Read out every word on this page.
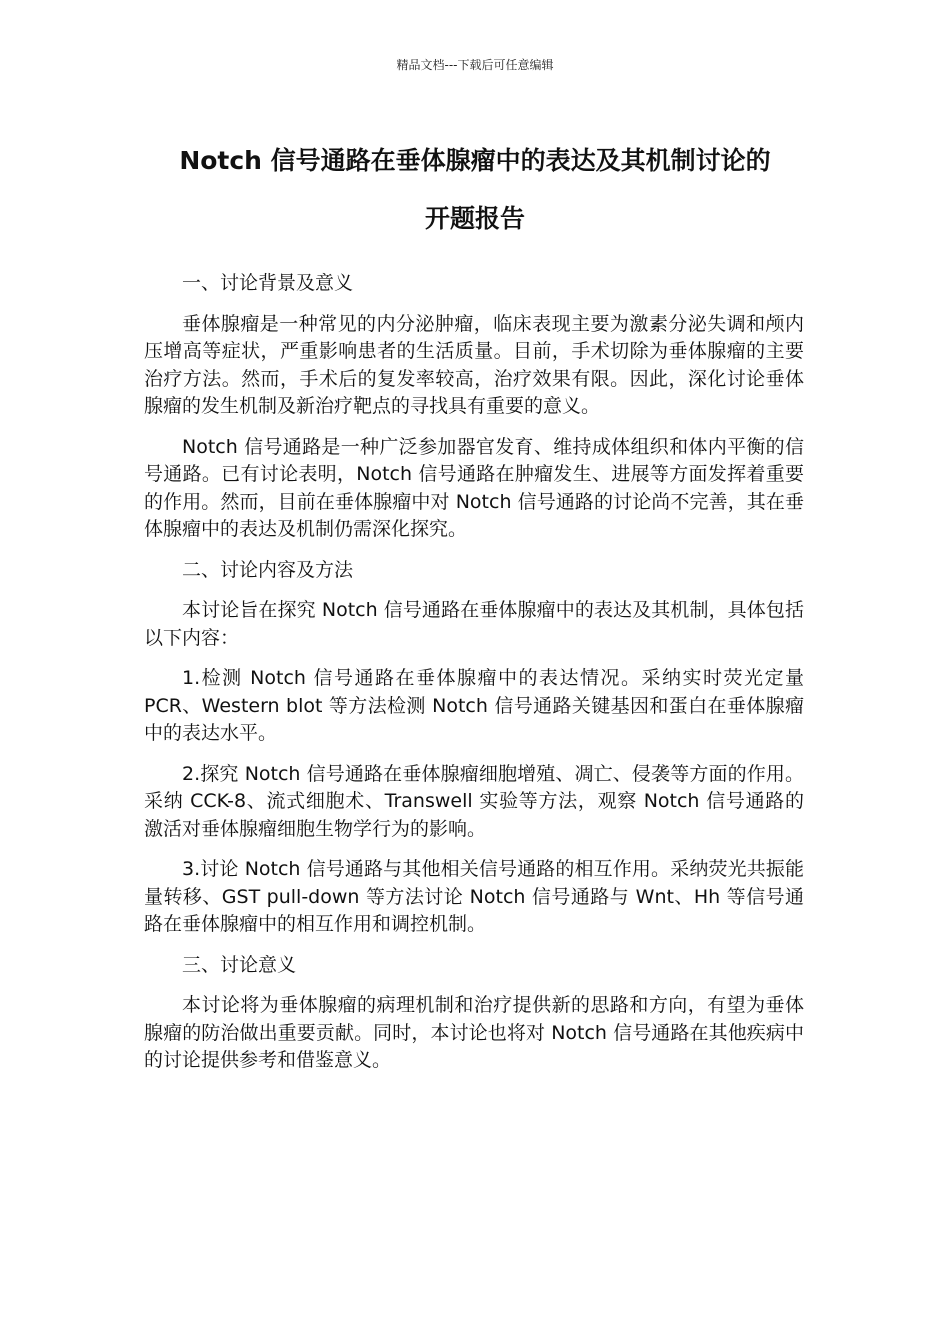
精品文档---下载后可任意编辑
Notch 信号通路在垂体腺瘤中的表达及其机制讨论的
开题报告

一、讨论背景及意义

垂体腺瘤是一种常见的内分泌肿瘤，临床表现主要为激素分泌失调和颅内压增高等症状，严重影响患者的生活质量。目前，手术切除为垂体腺瘤的主要治疗方法。然而，手术后的复发率较高，治疗效果有限。因此，深化讨论垂体腺瘤的发生机制及新治疗靶点的寻找具有重要的意义。

Notch 信号通路是一种广泛参加器官发育、维持成体组织和体内平衡的信号通路。已有讨论表明，Notch 信号通路在肿瘤发生、进展等方面发挥着重要的作用。然而，目前在垂体腺瘤中对 Notch 信号通路的讨论尚不完善，其在垂体腺瘤中的表达及机制仍需深化探究。

二、讨论内容及方法

本讨论旨在探究 Notch 信号通路在垂体腺瘤中的表达及其机制，具体包括以下内容：

1.检测 Notch 信号通路在垂体腺瘤中的表达情况。采纳实时荧光定量 PCR、Western blot 等方法检测 Notch 信号通路关键基因和蛋白在垂体腺瘤中的表达水平。

2.探究 Notch 信号通路在垂体腺瘤细胞增殖、凋亡、侵袭等方面的作用。采纳 CCK-8、流式细胞术、Transwell 实验等方法，观察 Notch 信号通路的激活对垂体腺瘤细胞生物学行为的影响。

3.讨论 Notch 信号通路与其他相关信号通路的相互作用。采纳荧光共振能量转移、GST pull-down 等方法讨论 Notch 信号通路与 Wnt、Hh 等信号通路在垂体腺瘤中的相互作用和调控机制。

三、讨论意义

本讨论将为垂体腺瘤的病理机制和治疗提供新的思路和方向，有望为垂体腺瘤的防治做出重要贡献。同时，本讨论也将对 Notch 信号通路在其他疾病中的讨论提供参考和借鉴意义。
